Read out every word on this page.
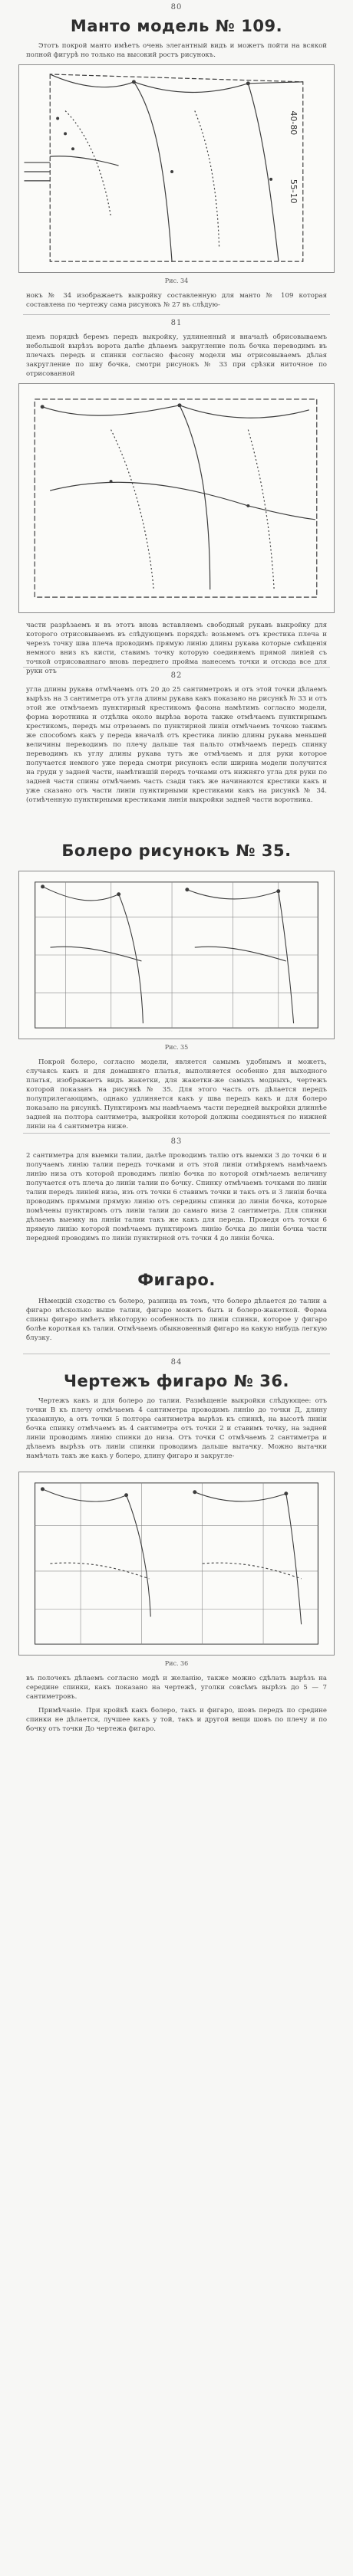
80
Манто модель № 109.
Этотъ покрой манто имѣетъ очень элегантный видъ и можетъ пойти на всякой полной фигурѣ но только на высокий ростъ рисунокъ.
40-80
55-10
Рис. 34
нокъ № 34 изображаетъ выкройку составленную для манто № 109 которая составлена по чертежу сама рисунокъ № 27 въ слѣдую-
81
щемъ порядкѣ беремъ передъ выкройку, удлиненный и вначалѣ обрисовываемъ небольшой вырѣзъ ворота далѣе дѣлаемъ закругление поль бочка переводимъ въ плечахъ передъ и спинки согласно фасону модели мы отрисовываемъ дѣлая закругление по шву бочка, смотри рисунокъ № 33 при срѣзки ниточное по отрисованной
части разрѣзаемъ и въ этотъ вновь вставляемъ свободный рукавъ выкройку для которого отрисовываемъ въ слѣдующемъ порядкѣ: возьмемъ отъ крестика плеча и черезъ точку шва плеча проводимъ прямую линію длины рукава которые смѣщенія немного вниз къ кисти, ставимъ точку которую соединяемъ прямой линіей съ точкой отрисованнаго вновь переднего пройма нанесемъ точки и отсюда все для руки отъ	82
угла длины рукава отмѣчаемъ отъ 20 до 25 сантиметровъ и отъ этой точки дѣлаемъ вырѣзъ на 3 сантиметра отъ угла длины рукава какъ показано на рисункѣ № 33 и отъ этой же отмѣчаемъ пунктирный крестикомъ фасона намѣтимъ согласно модели, форма воротника и отдѣлка около вырѣза ворота также отмѣчаемъ пунктирнымъ крестикомъ, передъ мы отрезаемъ по пунктирной линіи отмѣчаемъ точкою такимъ же способомъ какъ у переда вначалѣ отъ крестика линію длины рукава меньшей величины переводимъ по плечу дальше тая пальто отмѣчаемъ передъ спинку переводимъ къ углу длины рукава тутъ же отмѣчаемъ и для руки которое получается немного уже переда смотри рисунокъ если ширина модели получится на груди у задней части, намѣтившій передъ точками отъ нижняго угла для руки по задней части спины отмѣчаемъ часть сзади такъ же начинаются крестики какъ и уже сказано отъ части линіи пунктирными крестиками какъ на рисункѣ № 34. (отмѣченную пунктирными крестиками линія выкройки задней части воротника.
Болеро рисунокъ № 35.
Рис. 35
Покрой болеро, согласно модели, является самымъ удобнымъ и можетъ, случаясь какъ и для домашняго платья, выполняется особенно для выходного платья, изображаетъ видъ жакетки, для жакетки-же самыхъ модныхъ, чертежъ которой показанъ на рисункѣ № 35. Для этого часть отъ дѣлается передъ полуприлегающимъ, однако удлиняется какъ у шва передъ какъ и для болеро показано на рисункѣ. Пунктиромъ мы намѣчаемъ части передней выкройки длиннѣе задней на полтора сантиметра, выкройки которой должны соединяться по нижней линіи на 4 сантиметра ниже.
83
2 сантиметра для выемки талии, далѣе проводимъ талію отъ выемки 3 до точки 6 и получаемъ линію талии передъ точками и отъ этой линіи отмѣряемъ намѣчаемъ линію низа отъ которой проводимъ линію бочка по которой отмѣчаемъ величину получается отъ плеча до линіи талии по бочку. Спинку отмѣчаемъ точками по линіи талии передъ линіей низа, изъ отъ точки 6 ставимъ точки и такъ отъ и 3 линіи бочка проводимъ прямыми прямую линію отъ середины спинки до линіи бочка, которые помѣчены пунктиромъ отъ линіи талии до самаго низа 2 сантиметра. Для спинки дѣлаемъ выемку на линіи талии такъ же какъ для переда. Проведя отъ точки 6 прямую линію которой помѣчаемъ пунктиромъ линію бочка до линіи бочка части передней проводимъ по линіи пунктирной отъ точки 4 до линіи бочка.
Фигаро.
Нѣмецкій сходство съ болеро, разница въ томъ, что болеро дѣлается до талии а фигаро нѣсколько выше талии, фигаро можетъ быть и болеро-жакеткой. Форма спины фигаро имѣетъ нѣкоторую особенность по линіи спинки, которое у фигаро болѣе короткая къ талии. Отмѣчаемъ обыкновенный фигаро на какую нибудь легкую блузку.
84
Чертежъ фигаро № 36.
Чертежъ какъ и для болеро до талии. Размѣщеніе выкройки слѣдующее: отъ точки В къ плечу отмѣчаемъ 4 сантиметра проводимъ линію до точки Д, длину указанную, а отъ точки 5 полтора сантиметра вырѣзъ къ спинкѣ, на высотѣ линіи бочка спинку отмѣчаемъ въ 4 сантиметра отъ точки 2 и ставимъ точку, на задней линіи проводимъ линію спинки до низа. Отъ точки С отмѣчаемъ 2 сантиметра и дѣлаемъ вырѣзъ отъ линіи спинки проводимъ дальше вытачку. Можно вытачки намѣчать такъ же какъ у болеро, длину фигаро и закругле-
Рис. 36
въ полочекъ дѣлаемъ согласно модѣ и желанію, также можно сдѣлать вырѣзъ на середине спинки, какъ показано на чертежѣ, уголки совсѣмъ вырѣзъ до 5 — 7 сантиметровъ.
Примѣчаніе. При кройкѣ какъ болеро, такъ и фигаро, шовъ передъ по средине спинки не дѣлается, лучшее какъ у той, такъ и другой вещи шовъ по плечу и по бочку отъ точки До чертежа фигаро.
